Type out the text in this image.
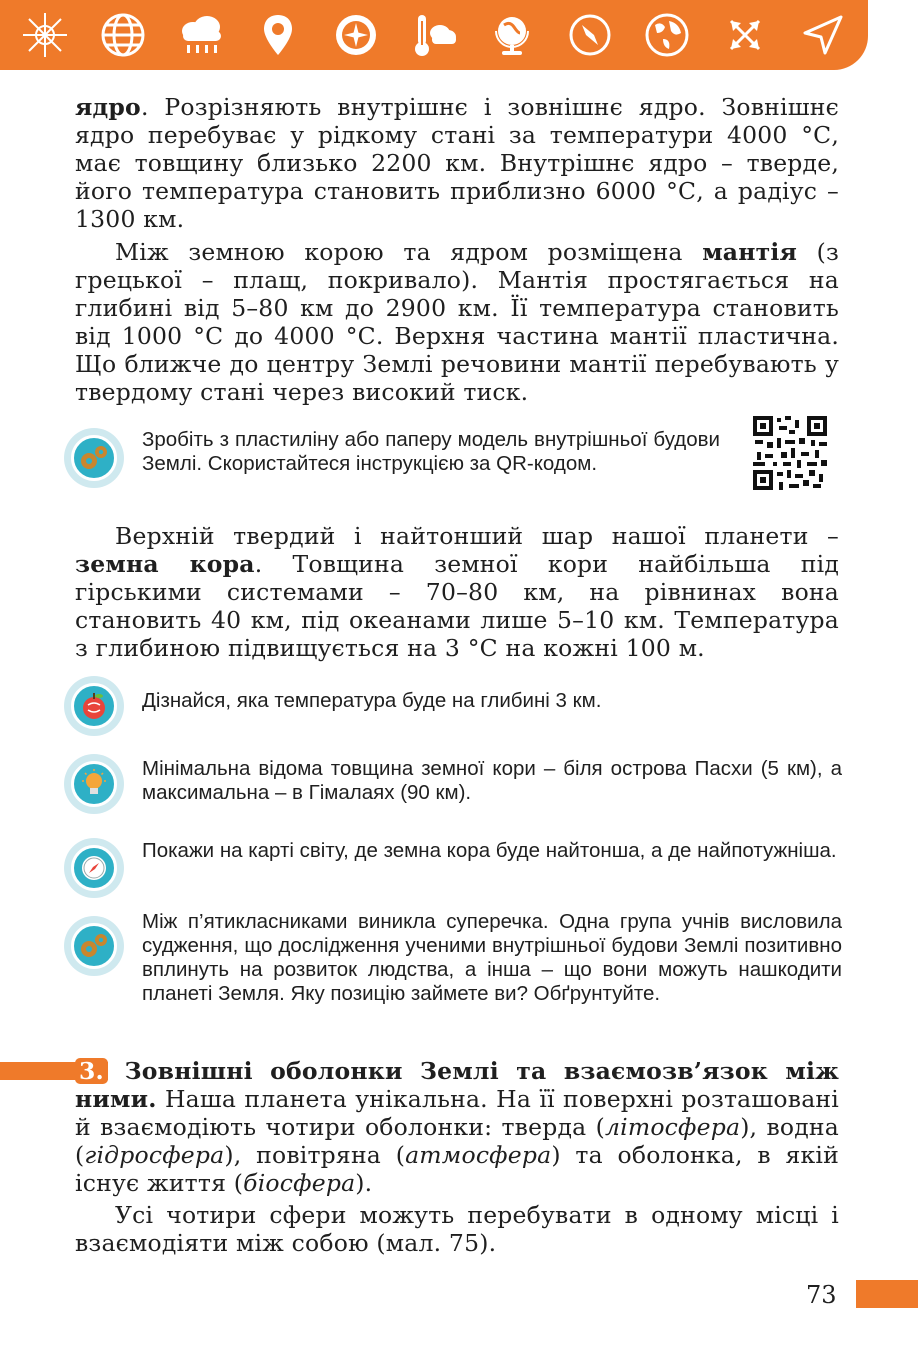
ядро. Розрізняють внутрішнє і зовнішнє ядро. Зовнішнє ядро перебуває у рідкому стані за температури 4000 °С, має товщину близько 2200 км. Внутрішнє ядро – тверде, його температура становить приблизно 6000 °С, а радіус – 1300 км.

Між земною корою та ядром розміщена мантія (з грецької – плащ, покривало). Мантія простягається на глибині від 5–80 км до 2900 км. Її температура становить від 1000 °С до 4000 °С. Верхня частина мантії пластична. Що ближче до центру Землі речовини мантії перебувають у твердому стані через високий тиск.

Зробіть з пластиліну або паперу модель внутрішньої будови Землі. Скористайтеся інструкцією за QR-кодом.

Верхній твердий і найтонший шар нашої планети – земна кора. Товщина земної кори найбільша під гірськими системами – 70–80 км, на рівнинах вона становить 40 км, під океанами лише 5–10 км. Температура з глибиною підвищується на 3 °С на кожні 100 м.

Дізнайся, яка температура буде на глибині 3 км.
Мінімальна відома товщина земної кори – біля острова Пасхи (5 км), а максимальна – в Гімалаях (90 км).
Покажи на карті світу, де земна кора буде найтонша, а де найпотужніша.
Між п’ятикласниками виникла суперечка. Одна група учнів висловила судження, що дослідження ученими внутрішньої будови Землі позитивно вплинуть на розвиток людства, а інша – що вони можуть нашкодити планеті Земля. Яку позицію займете ви? Обґрунтуйте.

3. Зовнішні оболонки Землі та взаємозв’язок між ними. Наша планета унікальна. На її поверхні розташовані й взаємодіють чотири оболонки: тверда (літосфера), водна (гідросфера), повітряна (атмосфера) та оболонка, в якій існує життя (біосфера).

Усі чотири сфери можуть перебувати в одному місці і взаємодіяти між собою (мал. 75).

73
